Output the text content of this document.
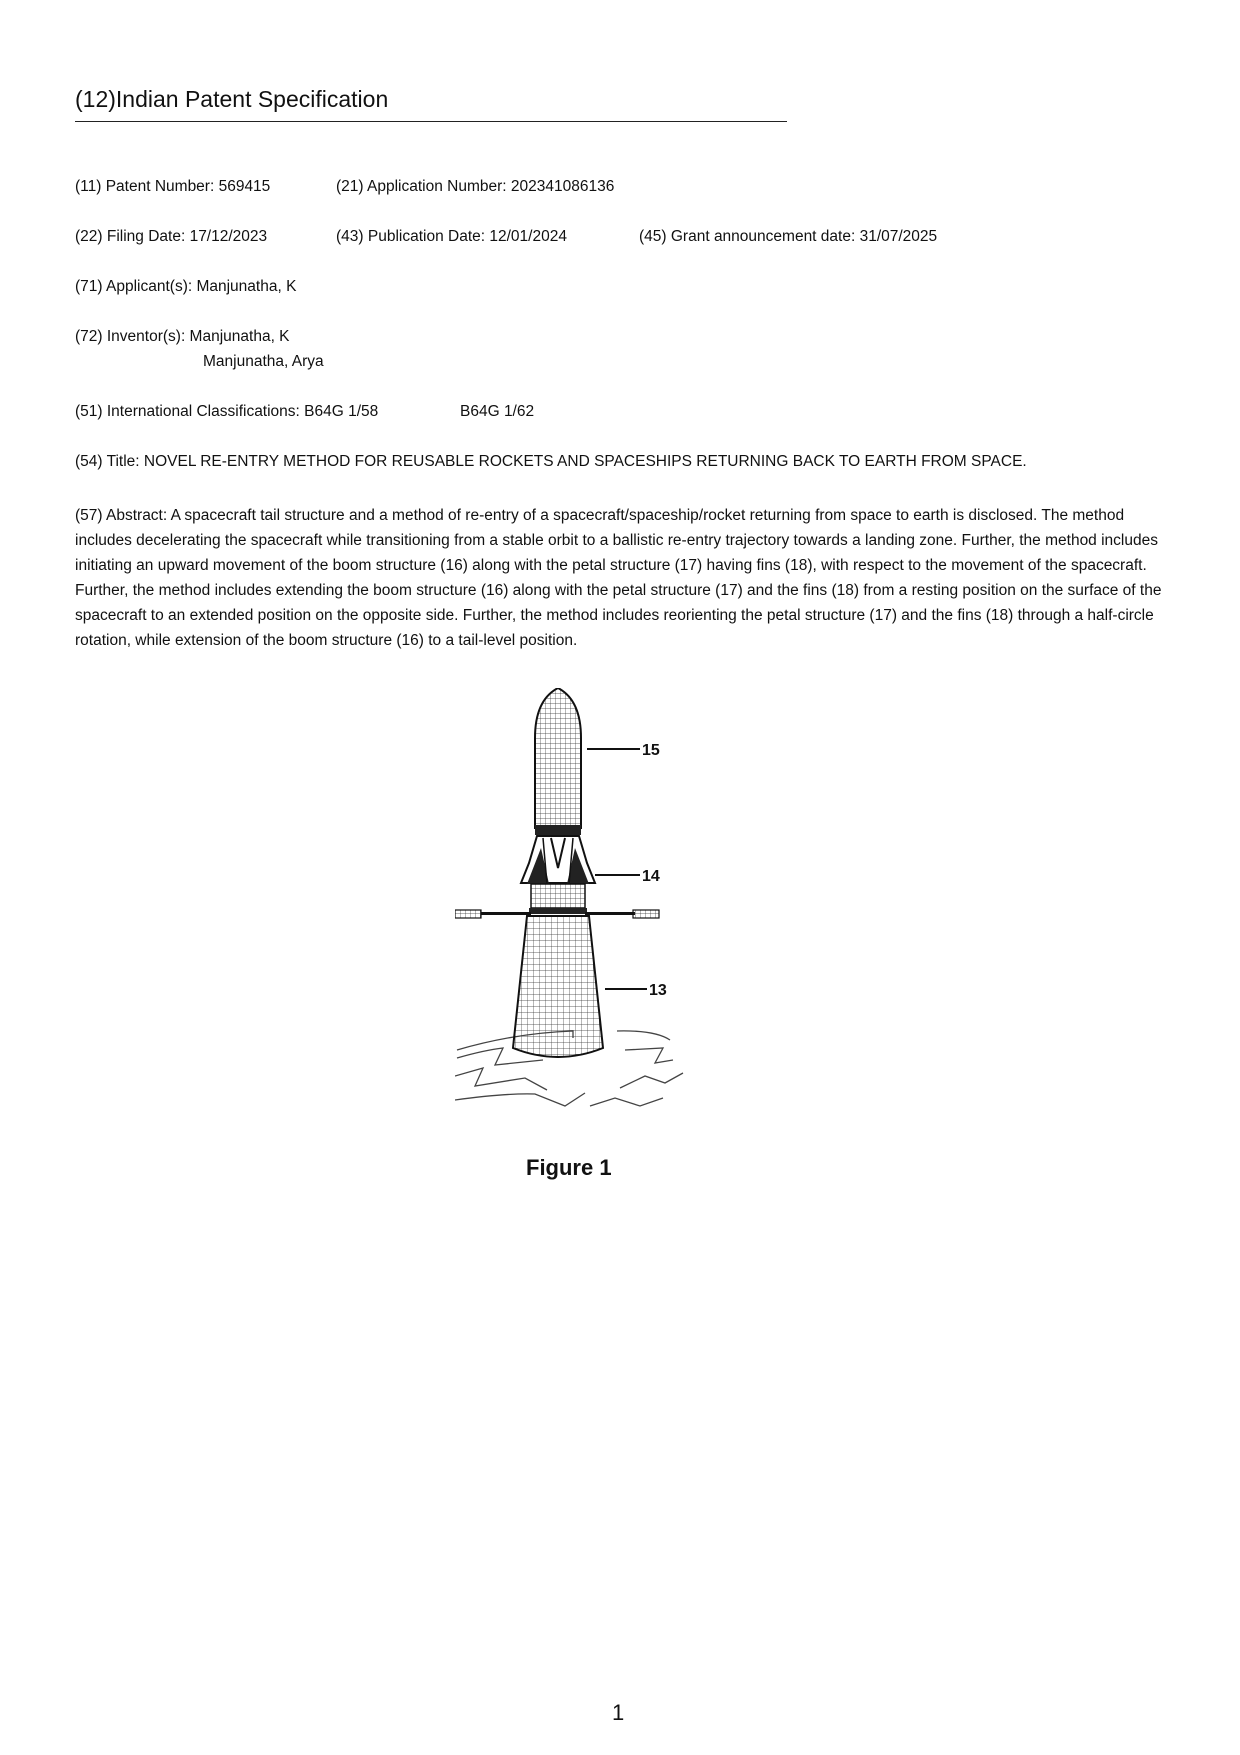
(12)Indian Patent Specification
(11) Patent Number: 569415	(21) Application Number: 202341086136
(22) Filing Date: 17/12/2023	(43) Publication Date: 12/01/2024	(45) Grant announcement date: 31/07/2025
(71) Applicant(s): Manjunatha, K
(72) Inventor(s): Manjunatha, K
Manjunatha, Arya
(51) International Classifications: B64G 1/58	B64G 1/62
(54) Title: NOVEL RE-ENTRY METHOD FOR REUSABLE ROCKETS AND SPACESHIPS RETURNING BACK TO EARTH FROM SPACE.
(57) Abstract: A spacecraft tail structure and a method of re-entry of a spacecraft/spaceship/rocket returning from space to earth is disclosed. The method includes decelerating the spacecraft while transitioning from a stable orbit to a ballistic re-entry trajectory towards a landing zone. Further, the method includes initiating an upward movement of the boom structure (16) along with the petal structure (17) having fins (18), with respect to the movement of the spacecraft. Further, the method includes extending the boom structure (16) along with the petal structure (17) and the fins (18) from a resting position on the surface of the spacecraft to an extended position on the opposite side. Further, the method includes reorienting the petal structure (17) and the fins (18) through a half-circle rotation, while extension of the boom structure (16) to a tail-level position.
15
14
13
Figure 1
1
